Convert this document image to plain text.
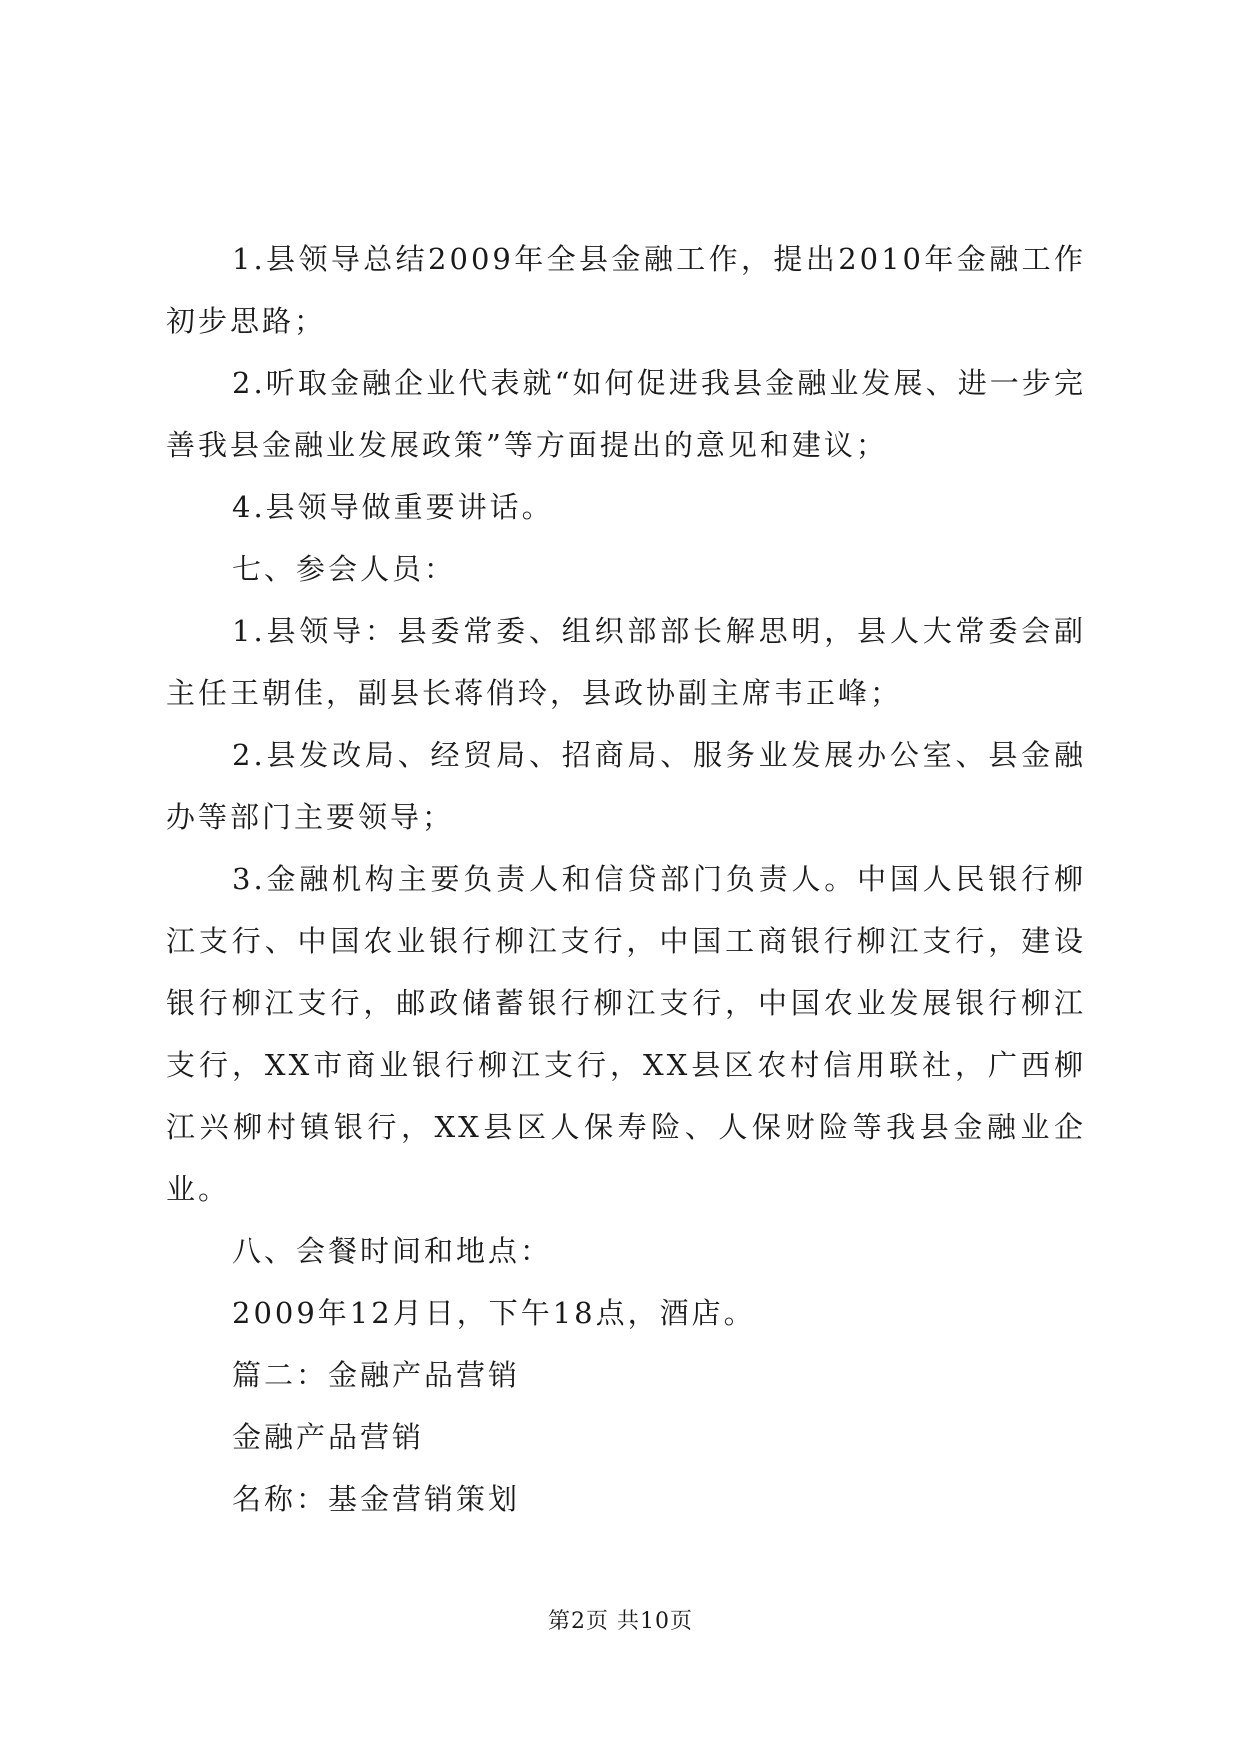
1.县领导总结2009年全县金融工作，提出2010年金融工作初步思路；

2.听取金融企业代表就“如何促进我县金融业发展、进一步完善我县金融业发展政策”等方面提出的意见和建议；

4.县领导做重要讲话。

七、参会人员：

1.县领导：县委常委、组织部部长解思明，县人大常委会副主任王朝佳，副县长蒋俏玲，县政协副主席韦正峰；

2.县发改局、经贸局、招商局、服务业发展办公室、县金融办等部门主要领导；

3.金融机构主要负责人和信贷部门负责人。中国人民银行柳江支行、中国农业银行柳江支行，中国工商银行柳江支行，建设银行柳江支行，邮政储蓄银行柳江支行，中国农业发展银行柳江支行，XX市商业银行柳江支行，XX县区农村信用联社，广西柳江兴柳村镇银行，XX县区人保寿险、人保财险等我县金融业企业。

八、会餐时间和地点：

2009年12月日，下午18点，酒店。

篇二：金融产品营销

金融产品营销

名称：基金营销策划

第2页 共10页
